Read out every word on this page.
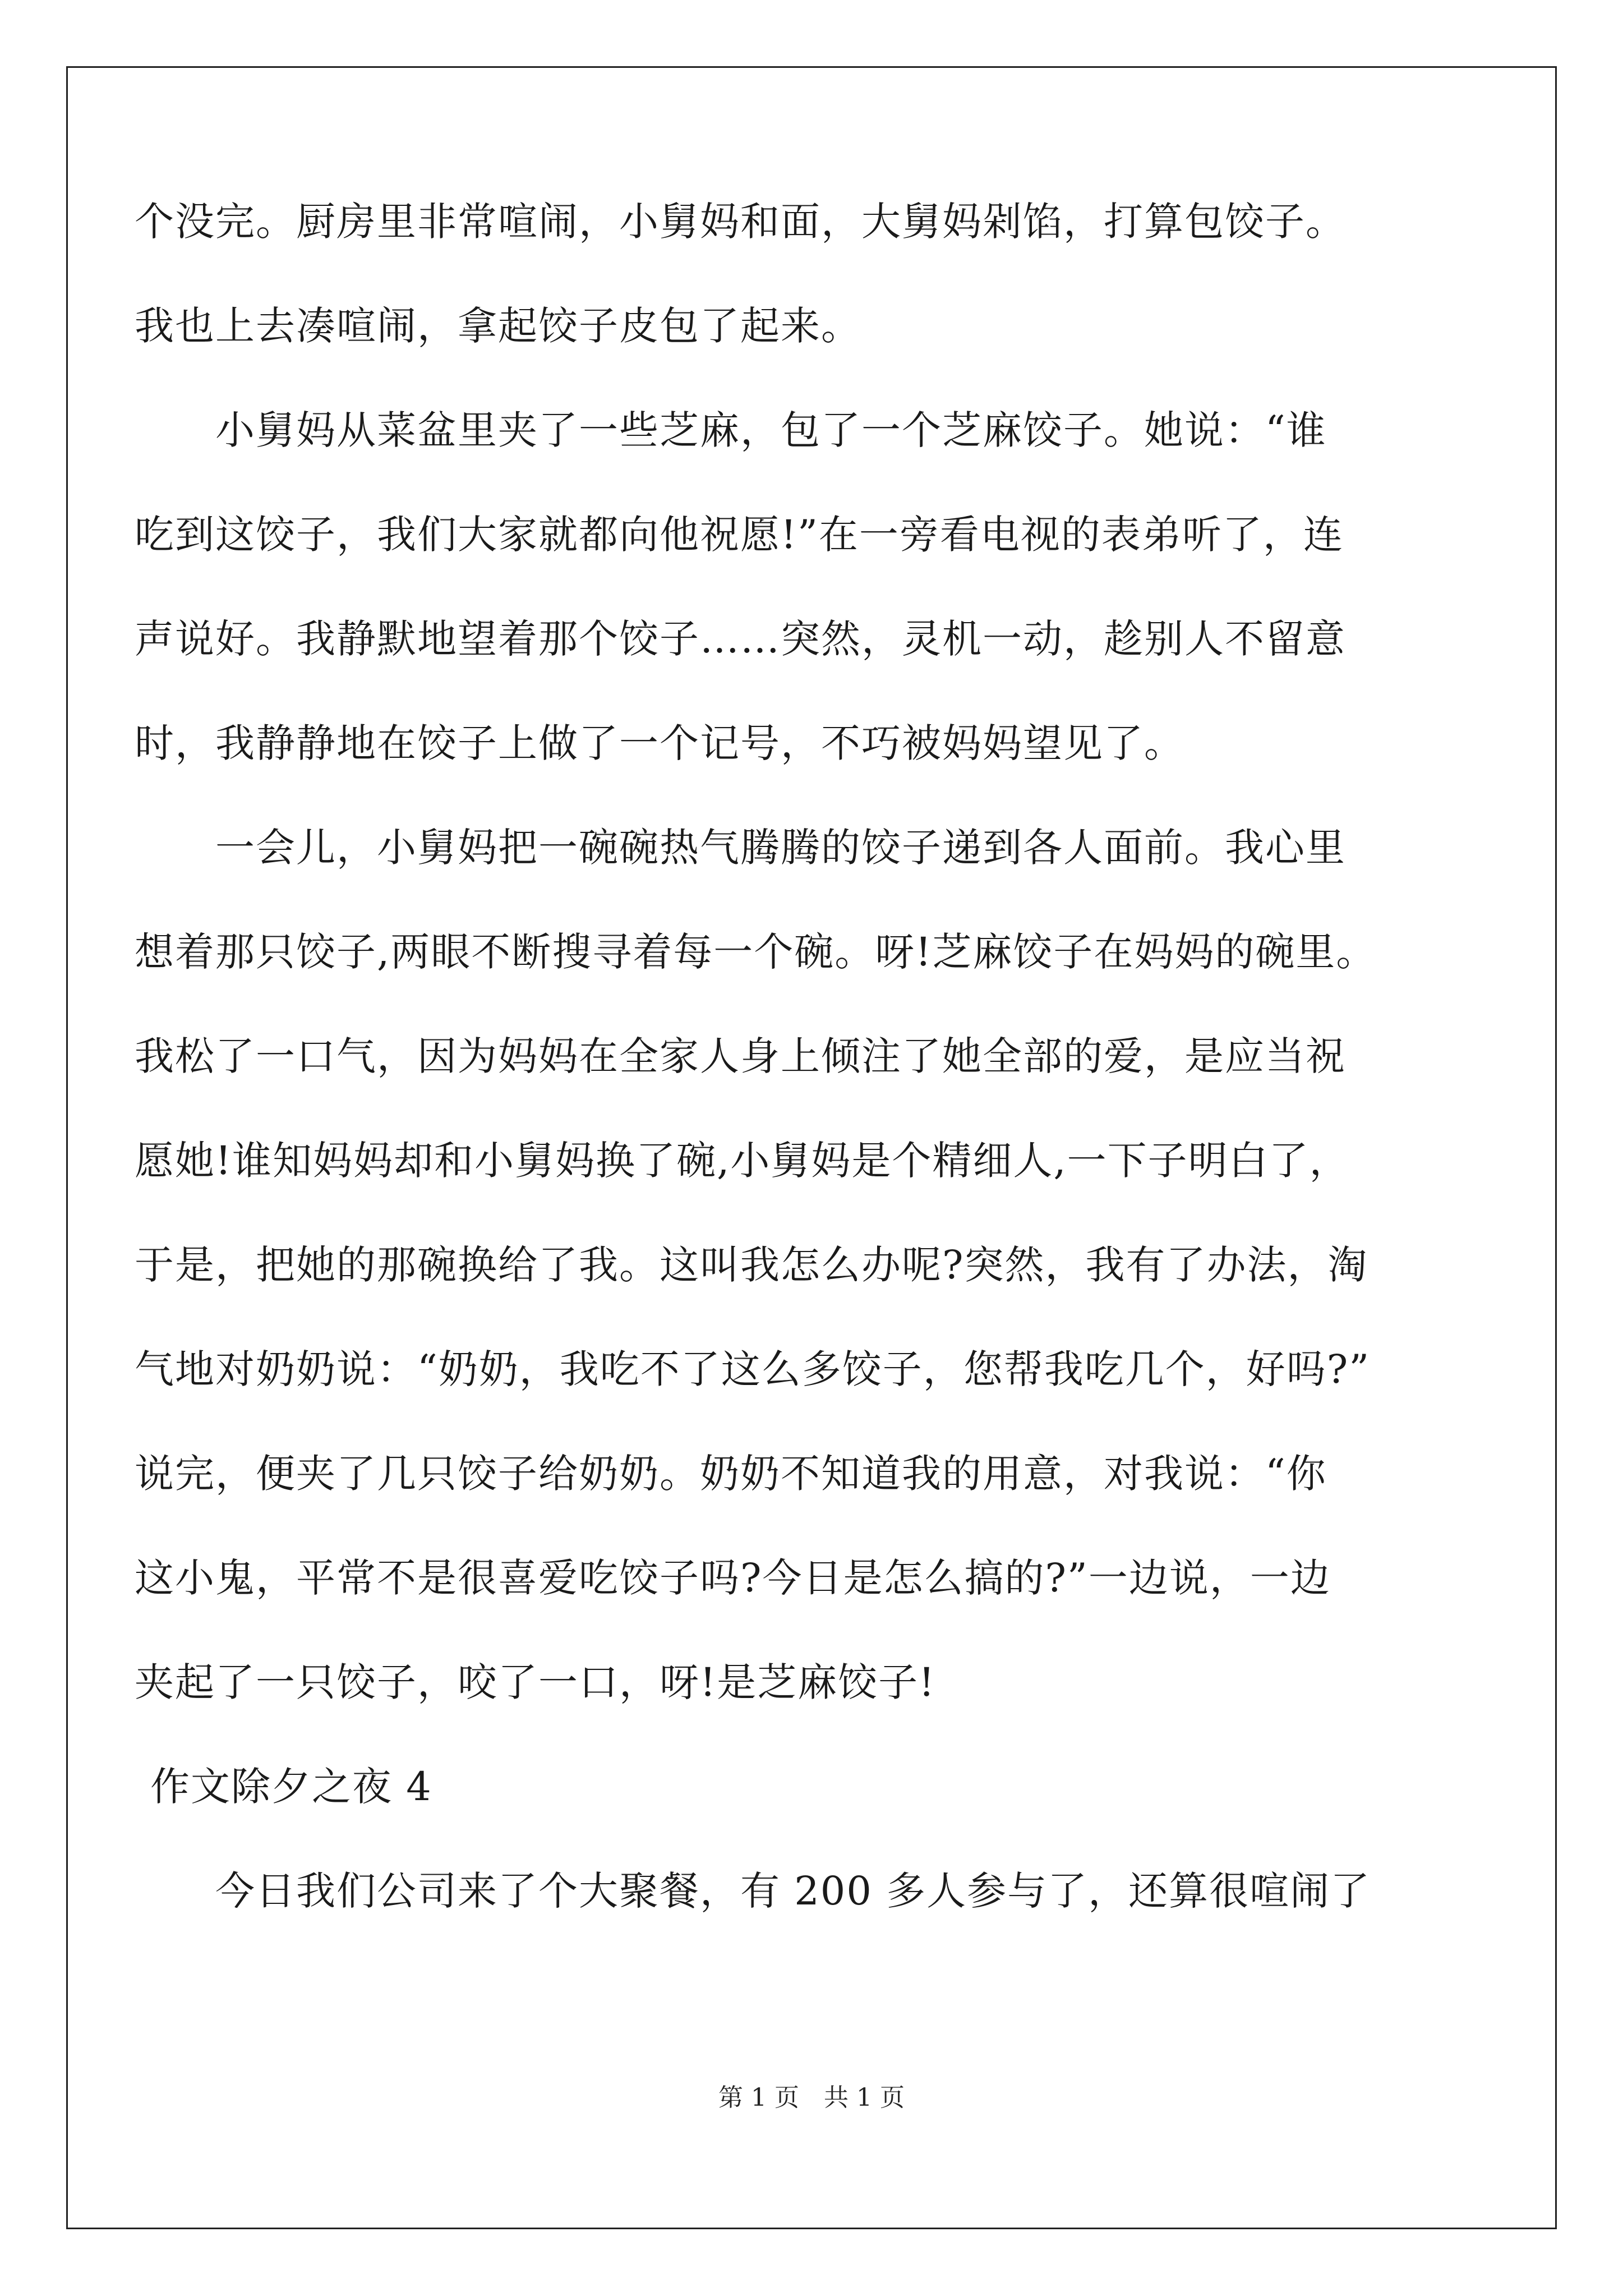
个没完。厨房里非常喧闹，小舅妈和面，大舅妈剁馅，打算包饺子。
我也上去凑喧闹，拿起饺子皮包了起来。
　　小舅妈从菜盆里夹了一些芝麻，包了一个芝麻饺子。她说：“谁
吃到这饺子，我们大家就都向他祝愿!”在一旁看电视的表弟听了，连
声说好。我静默地望着那个饺子……突然，灵机一动，趁别人不留意
时，我静静地在饺子上做了一个记号，不巧被妈妈望见了。
　　一会儿，小舅妈把一碗碗热气腾腾的饺子递到各人面前。我心里
想着那只饺子,两眼不断搜寻着每一个碗。呀!芝麻饺子在妈妈的碗里。
我松了一口气，因为妈妈在全家人身上倾注了她全部的爱，是应当祝
愿她!谁知妈妈却和小舅妈换了碗,小舅妈是个精细人,一下子明白了，
于是，把她的那碗换给了我。这叫我怎么办呢?突然，我有了办法，淘
气地对奶奶说：“奶奶，我吃不了这么多饺子，您帮我吃几个，好吗?”
说完，便夹了几只饺子给奶奶。奶奶不知道我的用意，对我说：“你
这小鬼，平常不是很喜爱吃饺子吗?今日是怎么搞的?”一边说，一边
夹起了一只饺子，咬了一口，呀!是芝麻饺子!
作文除夕之夜 4
　　今日我们公司来了个大聚餐，有 200 多人参与了，还算很喧闹了
第 1 页　共 1 页
